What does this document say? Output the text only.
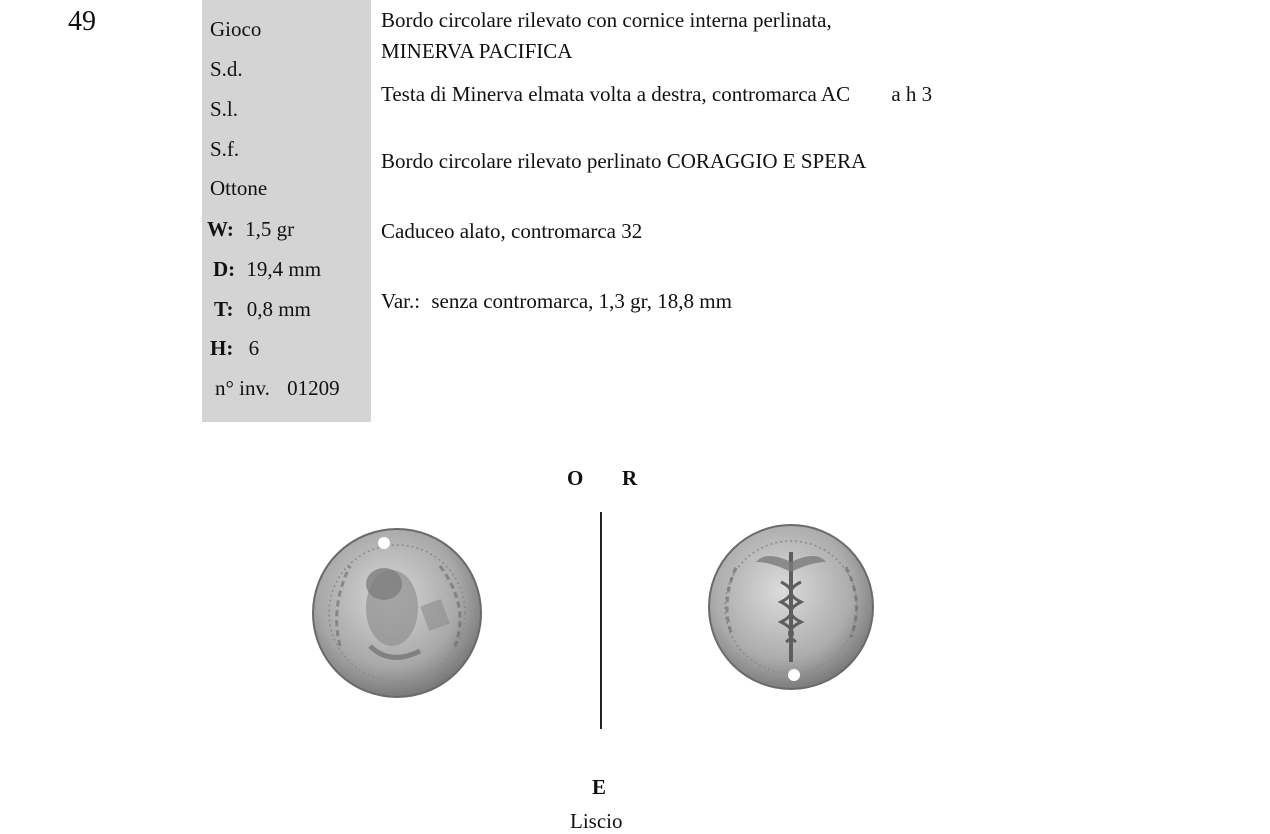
49	Gioco
S.d.
S.l.
S.f.
Ottone
W: 1,5 gr
D: 19,4 mm
T: 0,8 mm
H: 6
n° inv. 01209
Bordo circolare rilevato con cornice interna perlinata,
MINERVA PACIFICA
Testa di Minerva elmata volta a destra, contromarca AC a h 3
Bordo circolare rilevato perlinato CORAGGIO E SPERA
Caduceo alato, contromarca 32
Var.: senza contromarca, 1,3 gr, 18,8 mm
O R
E
Liscio
